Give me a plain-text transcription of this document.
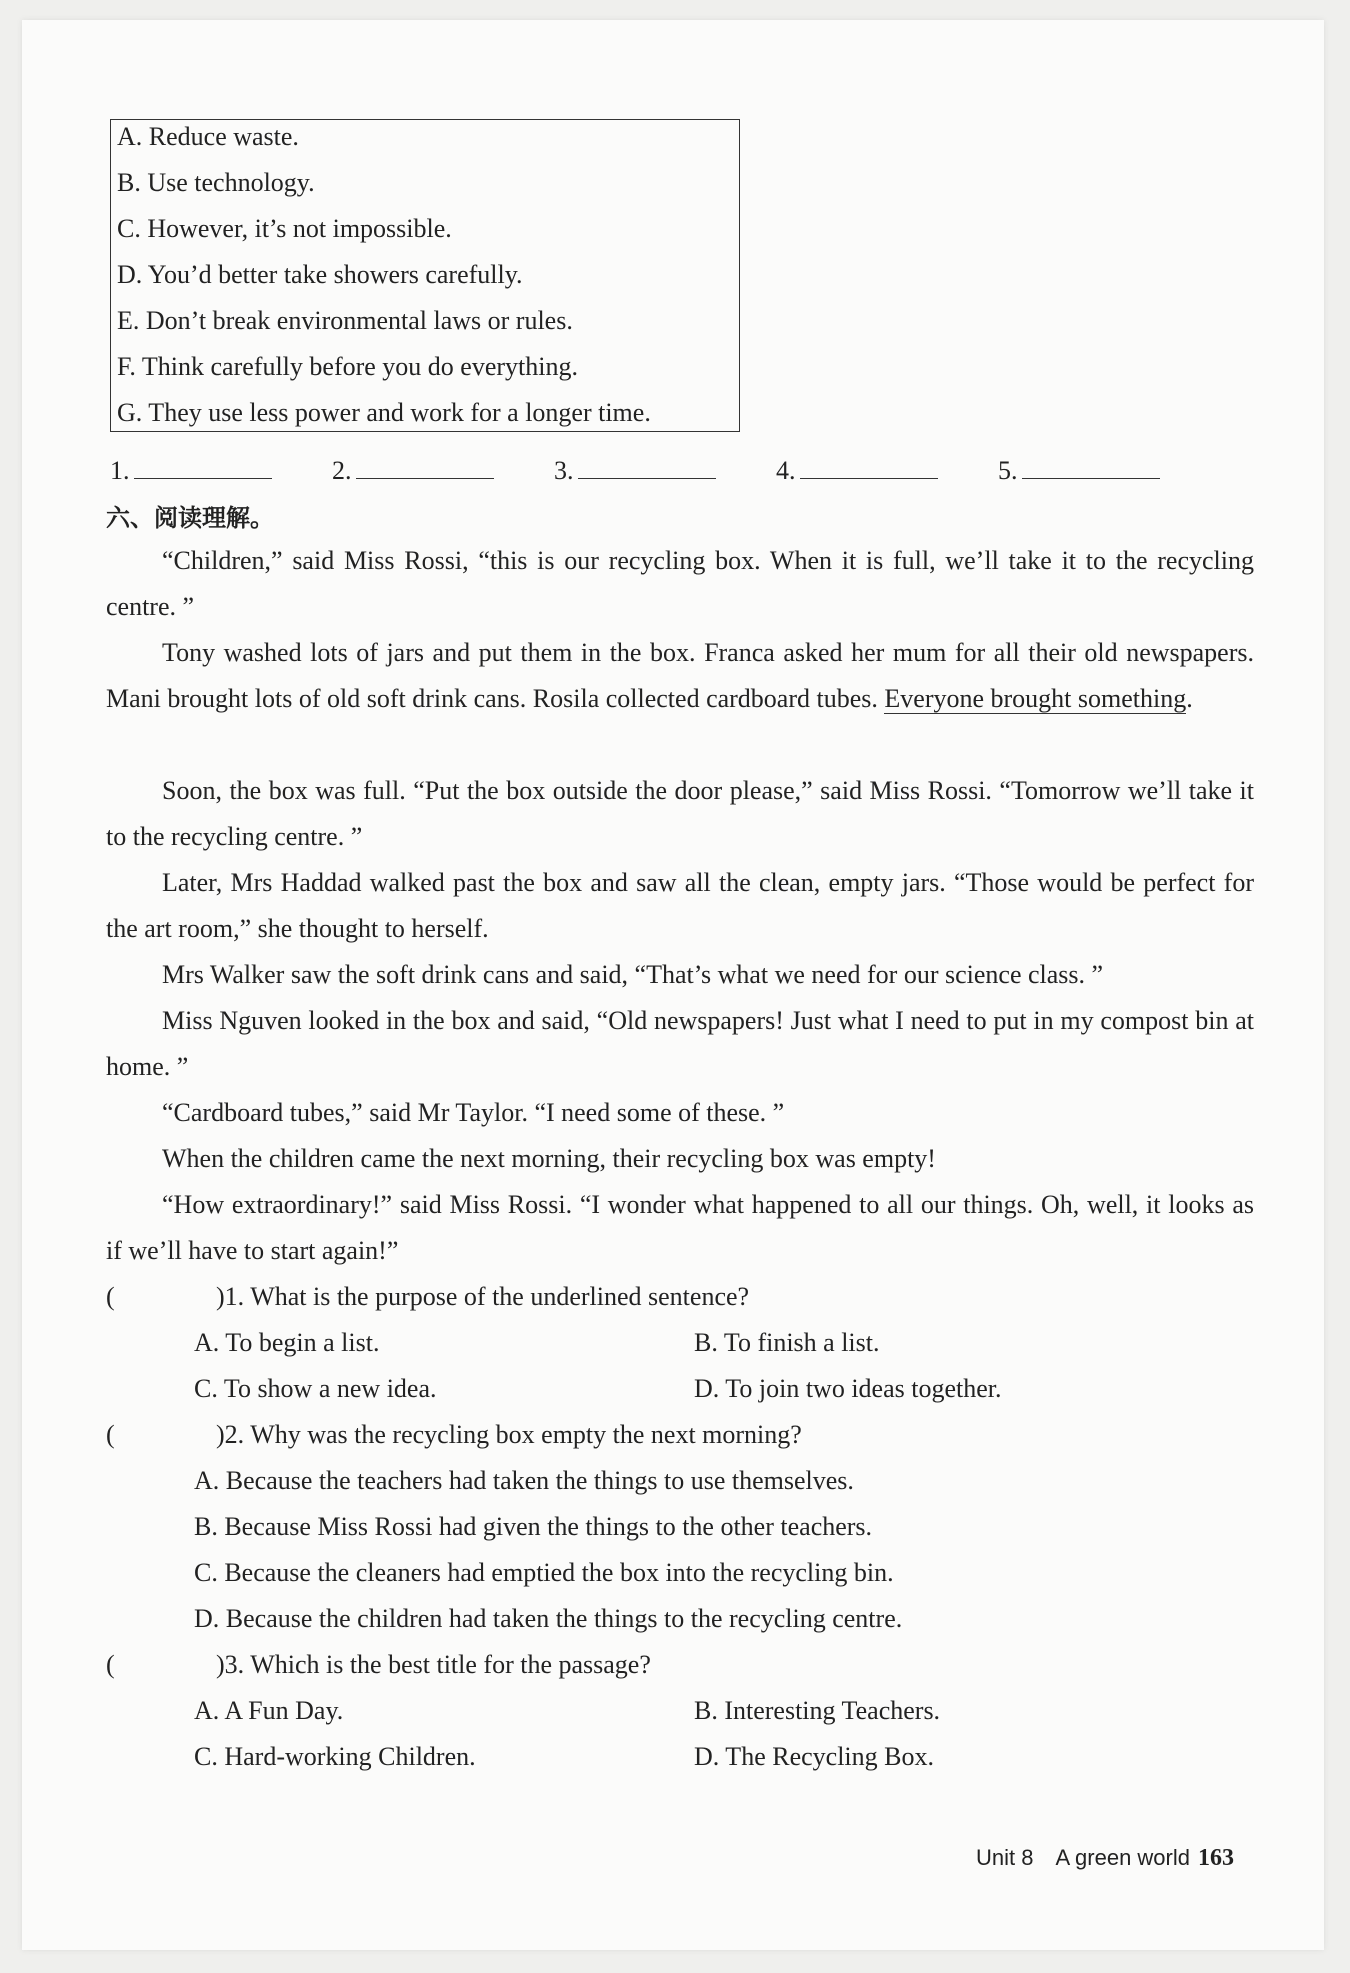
A. Reduce waste.
B. Use technology.
C. However, it’s not impossible.
D. You’d better take showers carefully.
E. Don’t break environmental laws or rules.
F. Think carefully before you do everything.
G. They use less power and work for a longer time.
1.	2.	3.	4.	5.
六、阅读理解。
“Children,” said Miss Rossi, “this is our recycling box. When it is full, we’ll take it to the recycling centre. ”
Tony washed lots of jars and put them in the box. Franca asked her mum for all their old newspapers. Mani brought lots of old soft drink cans. Rosila collected cardboard tubes. Everyone brought something.
Soon, the box was full. “Put the box outside the door please,” said Miss Rossi. “Tomorrow we’ll take it to the recycling centre. ”
Later, Mrs Haddad walked past the box and saw all the clean, empty jars. “Those would be perfect for the art room,” she thought to herself.
Mrs Walker saw the soft drink cans and said, “That’s what we need for our science class. ”
Miss Nguven looked in the box and said, “Old newspapers! Just what I need to put in my compost bin at home. ”
“Cardboard tubes,” said Mr Taylor. “I need some of these. ”
When the children came the next morning, their recycling box was empty!
“How extraordinary!” said Miss Rossi. “I wonder what happened to all our things. Oh, well, it looks as if we’ll have to start again!”
(	)1. What is the purpose of the underlined sentence?
A. To begin a list.	B. To finish a list.
C. To show a new idea.	D. To join two ideas together.
(	)2. Why was the recycling box empty the next morning?
A. Because the teachers had taken the things to use themselves.
B. Because Miss Rossi had given the things to the other teachers.
C. Because the cleaners had emptied the box into the recycling bin.
D. Because the children had taken the things to the recycling centre.
(	)3. Which is the best title for the passage?
A. A Fun Day.	B. Interesting Teachers.
C. Hard-working Children.	D. The Recycling Box.
Unit 8 A green world 163
